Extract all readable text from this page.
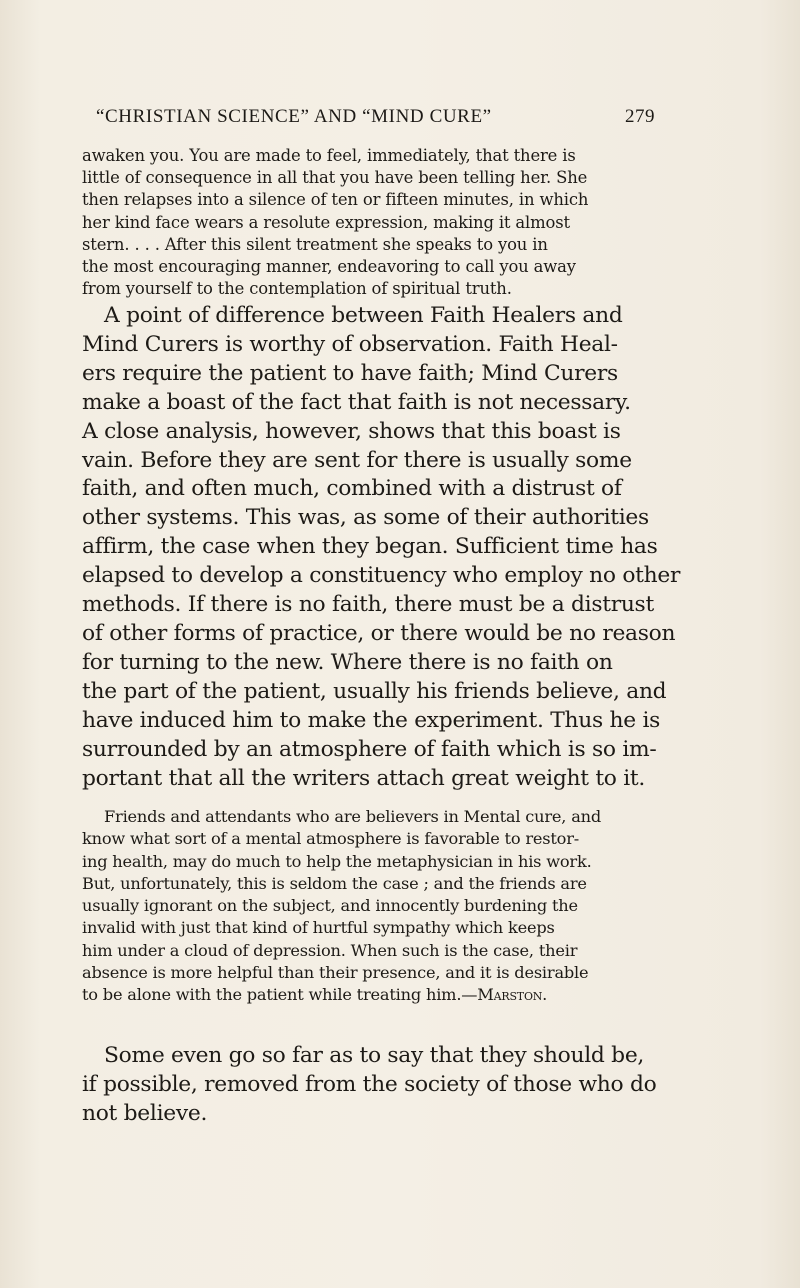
“CHRISTIAN SCIENCE” AND “MIND CURE”	279
awaken you. You are made to feel, immediately, that there is
little of consequence in all that you have been telling her. She
then relapses into a silence of ten or fifteen minutes, in which
her kind face wears a resolute expression, making it almost
stern. . . . After this silent treatment she speaks to you in
the most encouraging manner, endeavoring to call you away
from yourself to the contemplation of spiritual truth.
A point of difference between Faith Healers and
Mind Curers is worthy of observation. Faith Heal-
ers require the patient to have faith; Mind Curers
make a boast of the fact that faith is not necessary.
A close analysis, however, shows that this boast is
vain. Before they are sent for there is usually some
faith, and often much, combined with a distrust of
other systems. This was, as some of their authorities
affirm, the case when they began. Sufficient time has
elapsed to develop a constituency who employ no other
methods. If there is no faith, there must be a distrust
of other forms of practice, or there would be no reason
for turning to the new. Where there is no faith on
the part of the patient, usually his friends believe, and
have induced him to make the experiment. Thus he is
surrounded by an atmosphere of faith which is so im-
portant that all the writers attach great weight to it.
Friends and attendants who are believers in Mental cure, and
know what sort of a mental atmosphere is favorable to restor-
ing health, may do much to help the metaphysician in his work.
But, unfortunately, this is seldom the case ; and the friends are
usually ignorant on the subject, and innocently burdening the
invalid with just that kind of hurtful sympathy which keeps
him under a cloud of depression. When such is the case, their
absence is more helpful than their presence, and it is desirable
to be alone with the patient while treating him.—Marston.
Some even go so far as to say that they should be,
if possible, removed from the society of those who do
not believe.
